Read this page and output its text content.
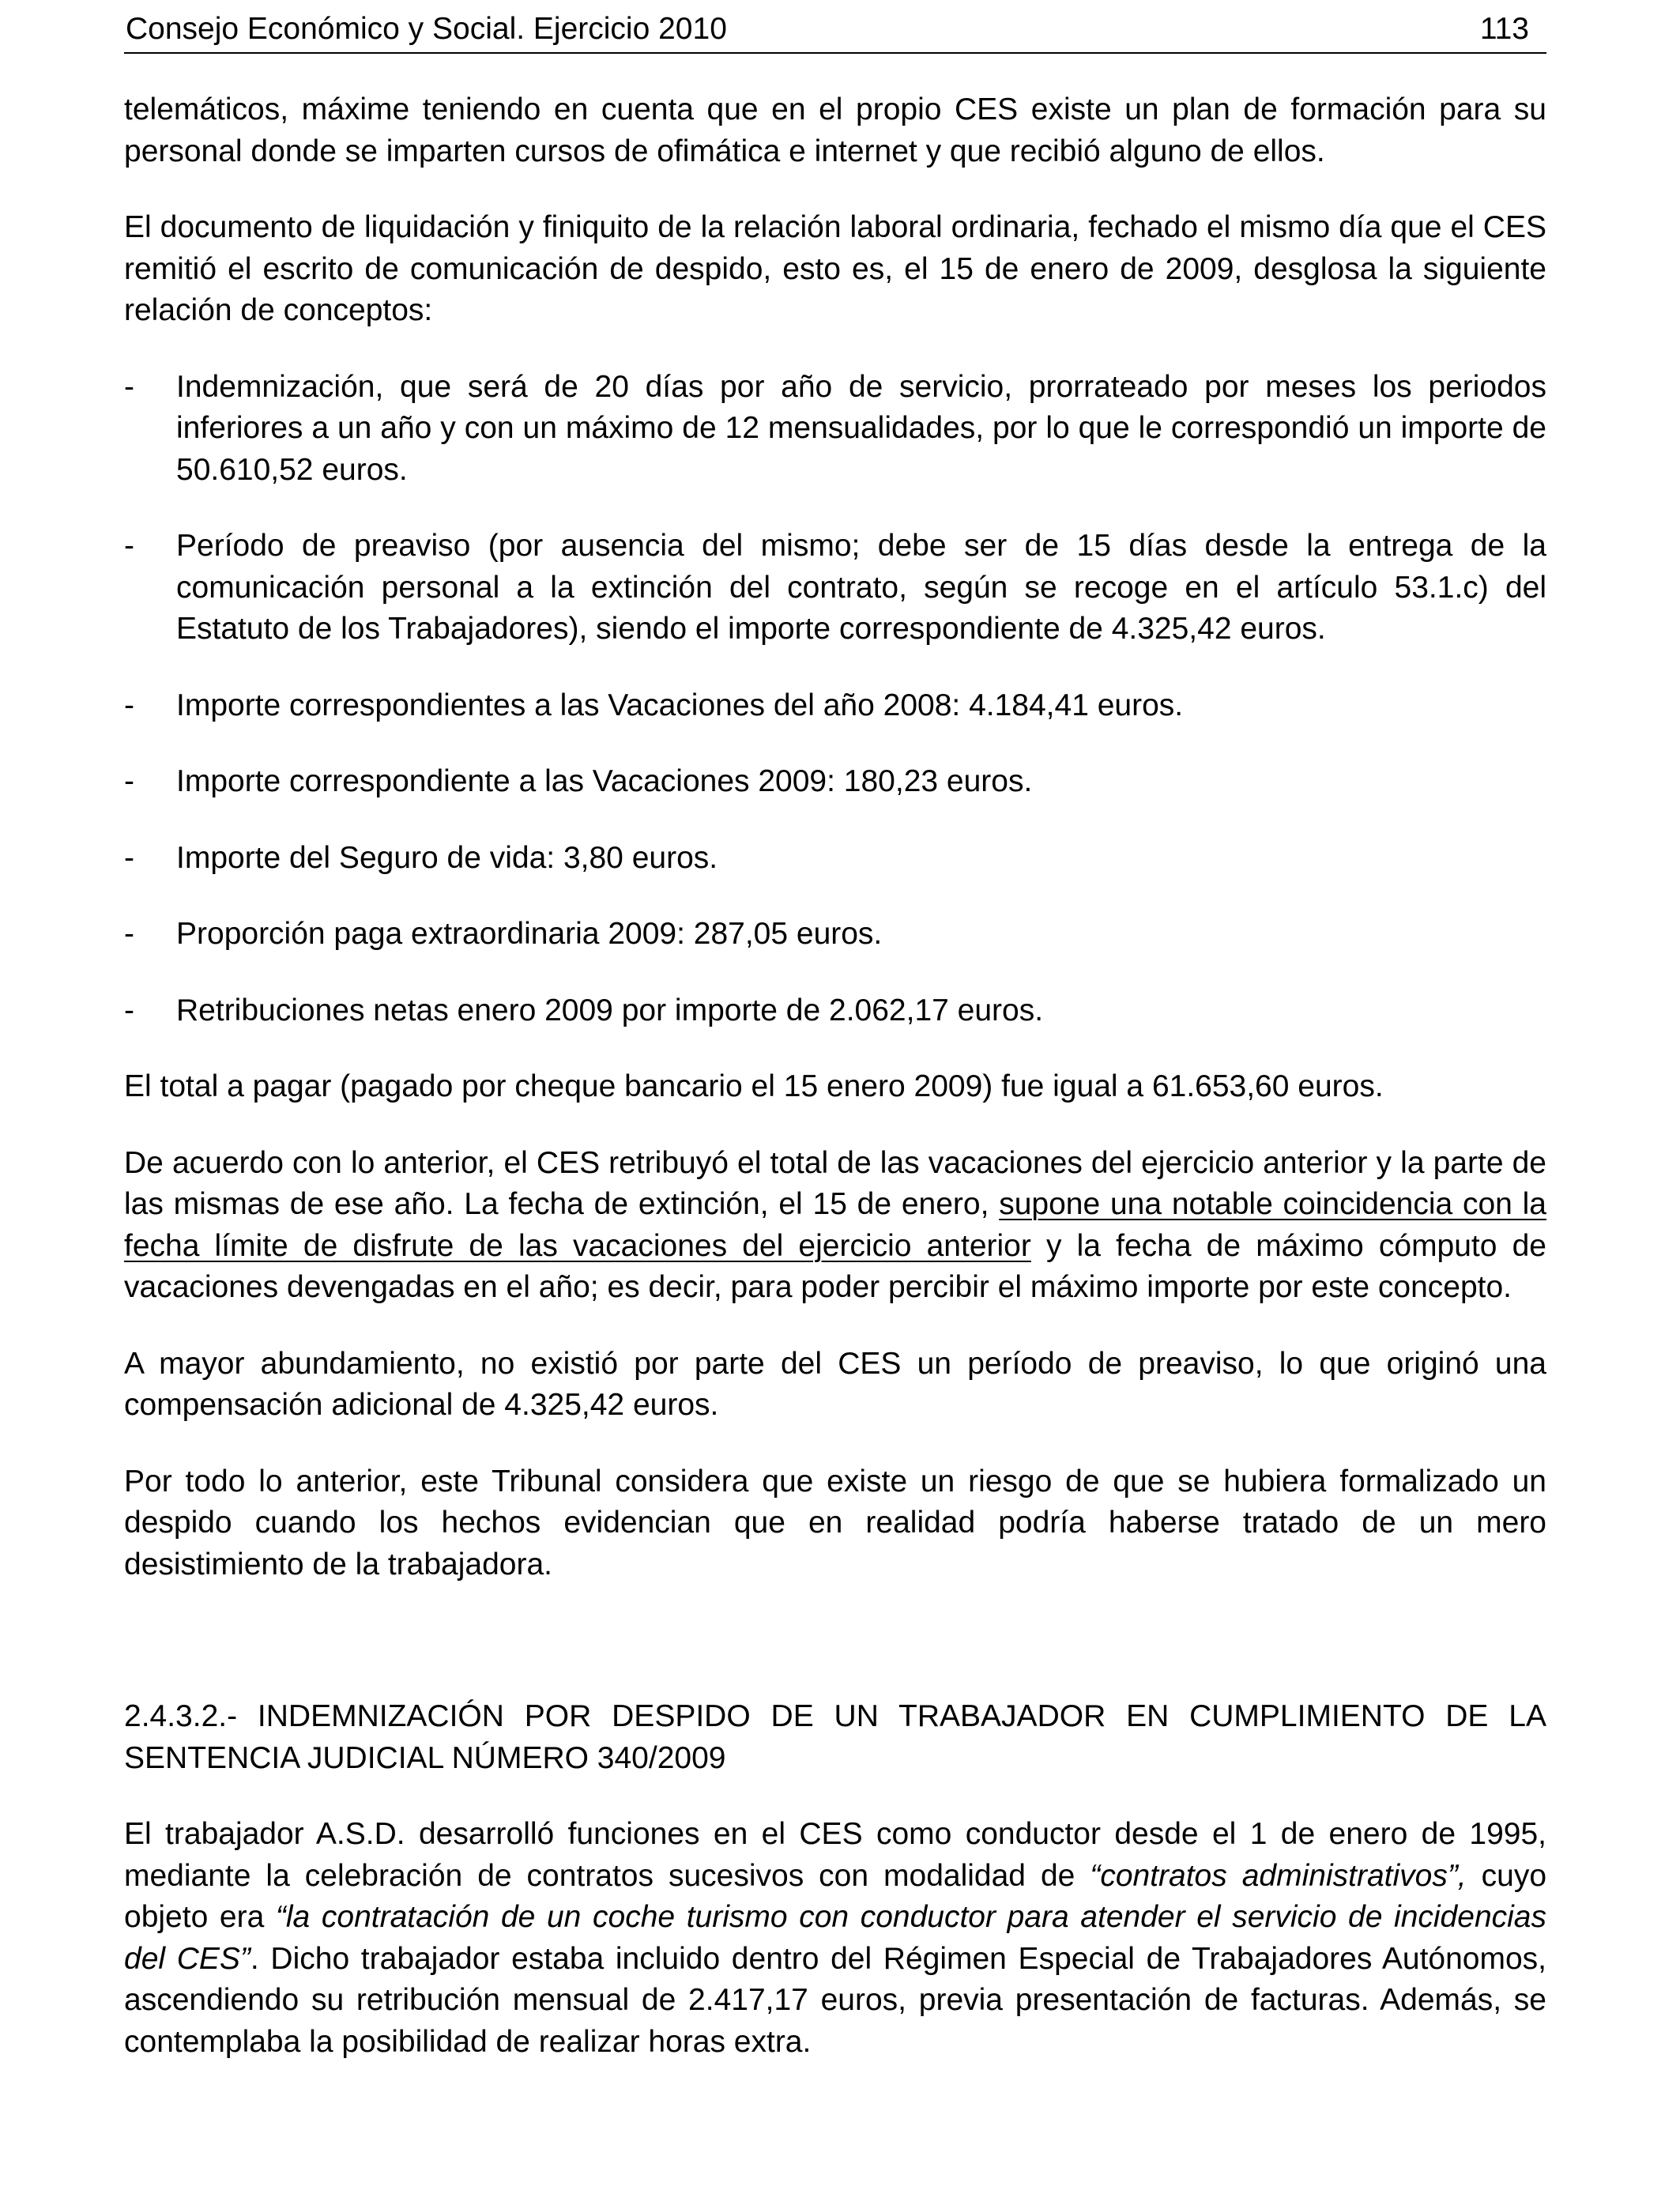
Consejo Económico y Social. Ejercicio 2010	113

telemáticos, máxime teniendo en cuenta que en el propio CES existe un plan de formación para su personal donde se imparten cursos de ofimática e internet y que recibió alguno de ellos.

El documento de liquidación y finiquito de la relación laboral ordinaria, fechado el mismo día que el CES remitió el escrito de comunicación de despido, esto es, el 15 de enero de 2009, desglosa la siguiente relación de conceptos:

- Indemnización, que será de 20 días por año de servicio, prorrateado por meses los periodos inferiores a un año y con un máximo de 12 mensualidades, por lo que le correspondió un importe de 50.610,52 euros.
- Período de preaviso (por ausencia del mismo; debe ser de 15 días desde la entrega de la comunicación personal a la extinción del contrato, según se recoge en el artículo 53.1.c) del Estatuto de los Trabajadores), siendo el importe correspondiente de 4.325,42 euros.
- Importe correspondientes a las Vacaciones del año 2008: 4.184,41 euros.
- Importe correspondiente a las Vacaciones 2009: 180,23 euros.
- Importe del Seguro de vida: 3,80 euros.
- Proporción paga extraordinaria 2009: 287,05 euros.
- Retribuciones netas enero 2009 por importe de 2.062,17 euros.

El total a pagar (pagado por cheque bancario el 15 enero 2009) fue igual a 61.653,60 euros.

De acuerdo con lo anterior, el CES retribuyó el total de las vacaciones del ejercicio anterior y la parte de las mismas de ese año. La fecha de extinción, el 15 de enero, supone una notable coincidencia con la fecha límite de disfrute de las vacaciones del ejercicio anterior y la fecha de máximo cómputo de vacaciones devengadas en el año; es decir, para poder percibir el máximo importe por este concepto.

A mayor abundamiento, no existió por parte del CES un período de preaviso, lo que originó una compensación adicional de 4.325,42 euros.

Por todo lo anterior, este Tribunal considera que existe un riesgo de que se hubiera formalizado un despido cuando los hechos evidencian que en realidad podría haberse tratado de un mero desistimiento de la trabajadora.

2.4.3.2.- INDEMNIZACIÓN POR DESPIDO DE UN TRABAJADOR EN CUMPLIMIENTO DE LA SENTENCIA JUDICIAL NÚMERO 340/2009

El trabajador A.S.D. desarrolló funciones en el CES como conductor desde el 1 de enero de 1995, mediante la celebración de contratos sucesivos con modalidad de “contratos administrativos”, cuyo objeto era “la contratación de un coche turismo con conductor para atender el servicio de incidencias del CES”. Dicho trabajador estaba incluido dentro del Régimen Especial de Trabajadores Autónomos, ascendiendo su retribución mensual de 2.417,17 euros, previa presentación de facturas. Además, se contemplaba la posibilidad de realizar horas extra.
